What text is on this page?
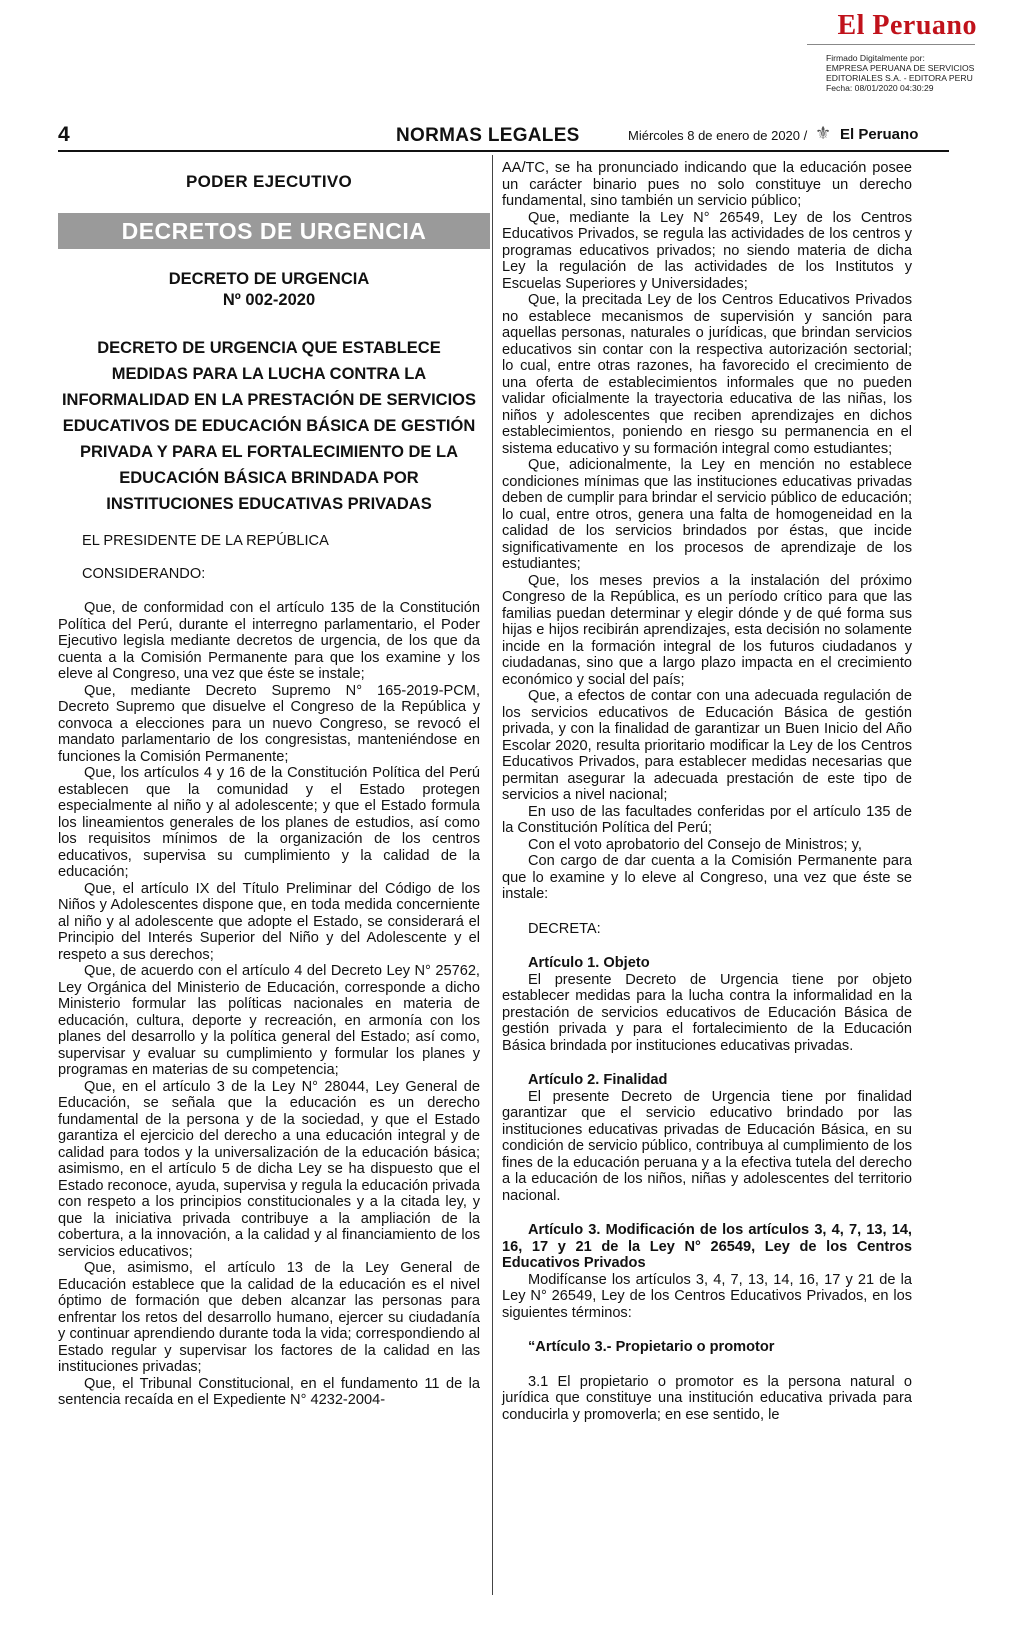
El Peruano
Firmado Digitalmente por:
EMPRESA PERUANA DE SERVICIOS
EDITORIALES S.A. - EDITORA PERU
Fecha: 08/01/2020 04:30:29
4	NORMAS LEGALES	Miércoles 8 de enero de 2020 / ⚜ El Peruano
PODER EJECUTIVO
DECRETOS DE URGENCIA
DECRETO DE URGENCIA
Nº 002-2020
DECRETO DE URGENCIA QUE ESTABLECE MEDIDAS PARA LA LUCHA CONTRA LA INFORMALIDAD EN LA PRESTACIÓN DE SERVICIOS EDUCATIVOS DE EDUCACIÓN BÁSICA DE GESTIÓN PRIVADA Y PARA EL FORTALECIMIENTO DE LA EDUCACIÓN BÁSICA BRINDADA POR INSTITUCIONES EDUCATIVAS PRIVADAS
EL PRESIDENTE DE LA REPÚBLICA
CONSIDERANDO:

Que, de conformidad con el artículo 135 de la Constitución Política del Perú, durante el interregno parlamentario, el Poder Ejecutivo legisla mediante decretos de urgencia, de los que da cuenta a la Comisión Permanente para que los examine y los eleve al Congreso, una vez que éste se instale;

Que, mediante Decreto Supremo N° 165-2019-PCM, Decreto Supremo que disuelve el Congreso de la República y convoca a elecciones para un nuevo Congreso, se revocó el mandato parlamentario de los congresistas, manteniéndose en funciones la Comisión Permanente;

Que, los artículos 4 y 16 de la Constitución Política del Perú establecen que la comunidad y el Estado protegen especialmente al niño y al adolescente; y que el Estado formula los lineamientos generales de los planes de estudios, así como los requisitos mínimos de la organización de los centros educativos, supervisa su cumplimiento y la calidad de la educación;

Que, el artículo IX del Título Preliminar del Código de los Niños y Adolescentes dispone que, en toda medida concerniente al niño y al adolescente que adopte el Estado, se considerará el Principio del Interés Superior del Niño y del Adolescente y el respeto a sus derechos;

Que, de acuerdo con el artículo 4 del Decreto Ley N° 25762, Ley Orgánica del Ministerio de Educación, corresponde a dicho Ministerio formular las políticas nacionales en materia de educación, cultura, deporte y recreación, en armonía con los planes del desarrollo y la política general del Estado; así como, supervisar y evaluar su cumplimiento y formular los planes y programas en materias de su competencia;

Que, en el artículo 3 de la Ley N° 28044, Ley General de Educación, se señala que la educación es un derecho fundamental de la persona y de la sociedad, y que el Estado garantiza el ejercicio del derecho a una educación integral y de calidad para todos y la universalización de la educación básica; asimismo, en el artículo 5 de dicha Ley se ha dispuesto que el Estado reconoce, ayuda, supervisa y regula la educación privada con respeto a los principios constitucionales y a la citada ley, y que la iniciativa privada contribuye a la ampliación de la cobertura, a la innovación, a la calidad y al financiamiento de los servicios educativos;

Que, asimismo, el artículo 13 de la Ley General de Educación establece que la calidad de la educación es el nivel óptimo de formación que deben alcanzar las personas para enfrentar los retos del desarrollo humano, ejercer su ciudadanía y continuar aprendiendo durante toda la vida; correspondiendo al Estado regular y supervisar los factores de la calidad en las instituciones privadas;

Que, el Tribunal Constitucional, en el fundamento 11 de la sentencia recaída en el Expediente N° 4232-2004-

AA/TC, se ha pronunciado indicando que la educación posee un carácter binario pues no solo constituye un derecho fundamental, sino también un servicio público;

Que, mediante la Ley N° 26549, Ley de los Centros Educativos Privados, se regula las actividades de los centros y programas educativos privados; no siendo materia de dicha Ley la regulación de las actividades de los Institutos y Escuelas Superiores y Universidades;

Que, la precitada Ley de los Centros Educativos Privados no establece mecanismos de supervisión y sanción para aquellas personas, naturales o jurídicas, que brindan servicios educativos sin contar con la respectiva autorización sectorial; lo cual, entre otras razones, ha favorecido el crecimiento de una oferta de establecimientos informales que no pueden validar oficialmente la trayectoria educativa de las niñas, los niños y adolescentes que reciben aprendizajes en dichos establecimientos, poniendo en riesgo su permanencia en el sistema educativo y su formación integral como estudiantes;

Que, adicionalmente, la Ley en mención no establece condiciones mínimas que las instituciones educativas privadas deben de cumplir para brindar el servicio público de educación; lo cual, entre otros, genera una falta de homogeneidad en la calidad de los servicios brindados por éstas, que incide significativamente en los procesos de aprendizaje de los estudiantes;

Que, los meses previos a la instalación del próximo Congreso de la República, es un período crítico para que las familias puedan determinar y elegir dónde y de qué forma sus hijas e hijos recibirán aprendizajes, esta decisión no solamente incide en la formación integral de los futuros ciudadanos y ciudadanas, sino que a largo plazo impacta en el crecimiento económico y social del país;

Que, a efectos de contar con una adecuada regulación de los servicios educativos de Educación Básica de gestión privada, y con la finalidad de garantizar un Buen Inicio del Año Escolar 2020, resulta prioritario modificar la Ley de los Centros Educativos Privados, para establecer medidas necesarias que permitan asegurar la adecuada prestación de este tipo de servicios a nivel nacional;

En uso de las facultades conferidas por el artículo 135 de la Constitución Política del Perú;

Con el voto aprobatorio del Consejo de Ministros; y,

Con cargo de dar cuenta a la Comisión Permanente para que lo examine y lo eleve al Congreso, una vez que éste se instale:

DECRETA:

Artículo 1. Objeto

El presente Decreto de Urgencia tiene por objeto establecer medidas para la lucha contra la informalidad en la prestación de servicios educativos de Educación Básica de gestión privada y para el fortalecimiento de la Educación Básica brindada por instituciones educativas privadas.

Artículo 2. Finalidad

El presente Decreto de Urgencia tiene por finalidad garantizar que el servicio educativo brindado por las instituciones educativas privadas de Educación Básica, en su condición de servicio público, contribuya al cumplimiento de los fines de la educación peruana y a la efectiva tutela del derecho a la educación de los niños, niñas y adolescentes del territorio nacional.

Artículo 3. Modificación de los artículos 3, 4, 7, 13, 14, 16, 17 y 21 de la Ley N° 26549, Ley de los Centros Educativos Privados

Modifícanse los artículos 3, 4, 7, 13, 14, 16, 17 y 21 de la Ley N° 26549, Ley de los Centros Educativos Privados, en los siguientes términos:

“Artículo 3.- Propietario o promotor

3.1 El propietario o promotor es la persona natural o jurídica que constituye una institución educativa privada para conducirla y promoverla; en ese sentido, le
